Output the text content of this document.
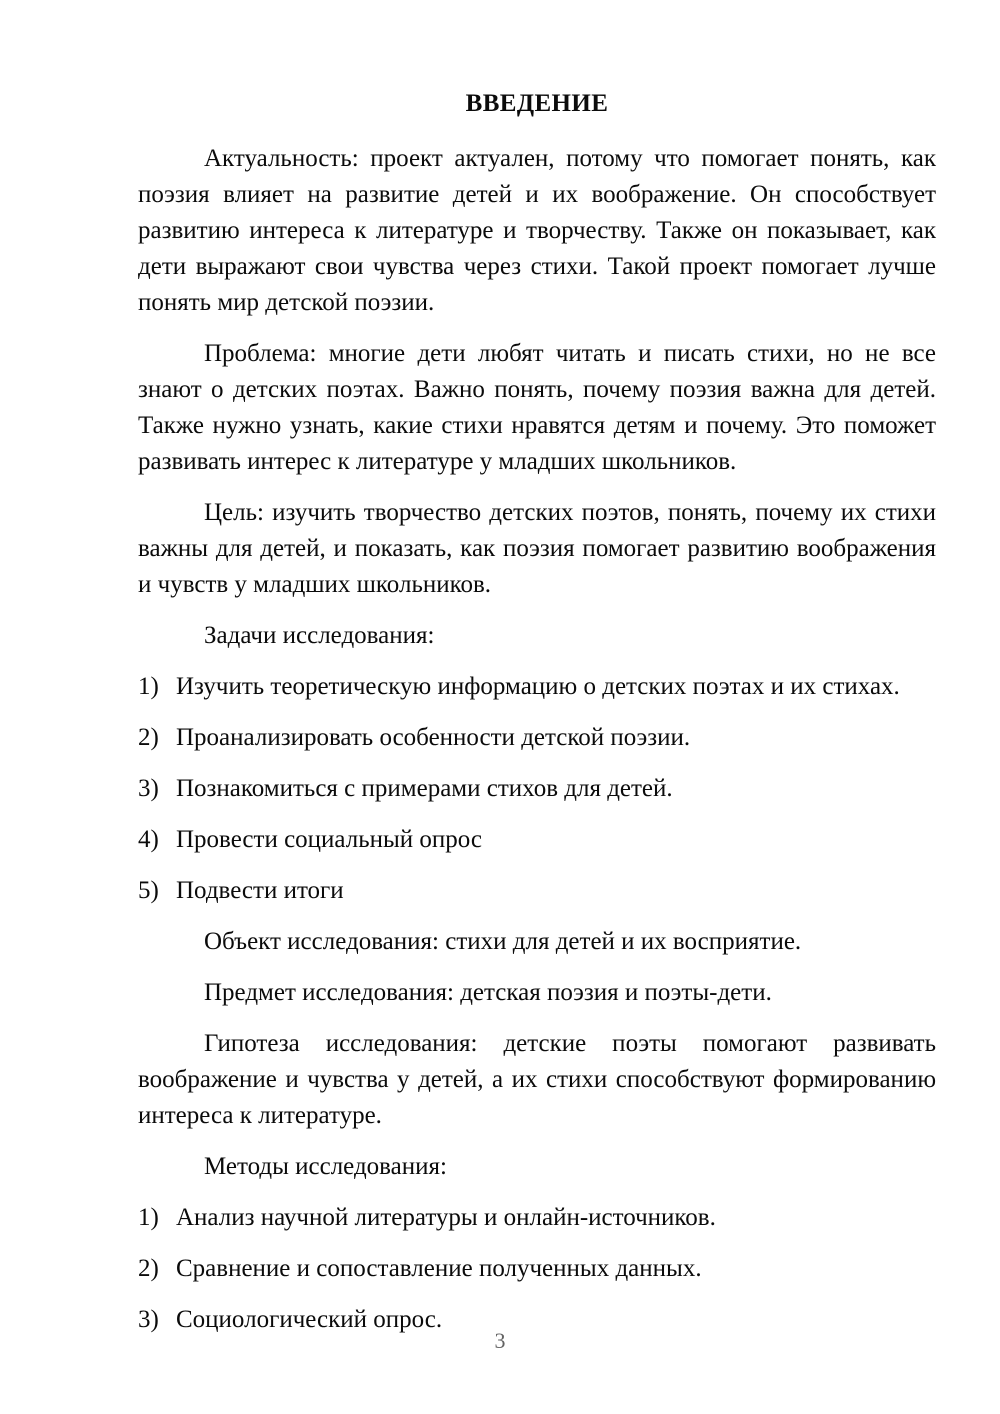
ВВЕДЕНИЕ

Актуальность: проект актуален, потому что помогает понять, как поэзия влияет на развитие детей и их воображение. Он способствует развитию интереса к литературе и творчеству. Также он показывает, как дети выражают свои чувства через стихи. Такой проект помогает лучше понять мир детской поэзии.

Проблема: многие дети любят читать и писать стихи, но не все знают о детских поэтах. Важно понять, почему поэзия важна для детей. Также нужно узнать, какие стихи нравятся детям и почему. Это поможет развивать интерес к литературе у младших школьников.

Цель: изучить творчество детских поэтов, понять, почему их стихи важны для детей, и показать, как поэзия помогает развитию воображения и чувств у младших школьников.

Задачи исследования:

1) Изучить теоретическую информацию о детских поэтах и их стихах.
2) Проанализировать особенности детской поэзии.
3) Познакомиться с примерами стихов для детей.
4) Провести социальный опрос
5) Подвести итоги

Объект исследования: стихи для детей и их восприятие.

Предмет исследования: детская поэзия и поэты-дети.

Гипотеза исследования: детские поэты помогают развивать воображение и чувства у детей, а их стихи способствуют формированию интереса к литературе.

Методы исследования:

1) Анализ научной литературы и онлайн-источников.
2) Сравнение и сопоставление полученных данных.
3) Социологический опрос.
3
